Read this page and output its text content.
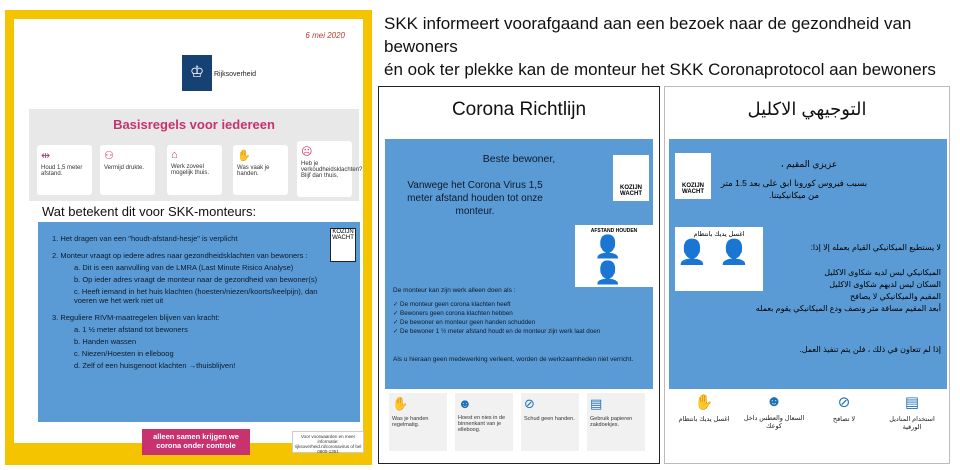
SKK informeert voorafgaand aan een bezoek naar de gezondheid van bewoners
én ook ter plekke kan de monteur het SKK Coronaprotocol aan bewoners
6 mei 2020
♔	Rijksoverheid
Basisregels voor iedereen
⇹
Houd 1,5 meter afstand.
⚇
Vermijd drukte.
⌂
Werk zoveel mogelijk thuis.
✋
Was vaak je handen.
☹
Heb je verkoudheidsklachten? Blijf dan thuis.
Wat betekent dit voor SKK-monteurs:
KOZIJN WACHT
1. Het dragen van een "houdt-afstand-hesje" is verplicht
2. Monteur vraagt op iedere adres naar gezondheidsklachten van bewoners :
a. Dit is een aanvulling van de LMRA (Last Minute Risico Analyse)
b. Op ieder adres vraagt de monteur naar de gezondheid van bewoner(s)
c. Heeft iemand in het huis klachten (hoesten/niezen/koorts/keelpijn), dan voeren we het werk niet uit
3. Reguliere RIVM-maatregelen blijven van kracht:
a. 1 ½ meter afstand tot bewoners
b. Handen wassen
c. Niezen/Hoesten in elleboog
d. Zelf of een huisgenoot klachten →thuisblijven!
alleen samen krijgen we
corona onder controle
Voor voorwaarden en meer informatie: rijksoverheid.nl/coronavirus of bel 0800-1351
Corona Richtlijn
Beste bewoner,
Vanwege het Corona Virus 1,5 meter afstand houden tot onze monteur.
KOZIJN WACHT
AFSTAND HOUDEN
👤👤
De monteur kan zijn werk alleen doen als :
✓ De monteur geen corona klachten heeft
✓ Bewoners geen corona klachten hebben
✓ De bewoner en monteur geen handen schudden
✓ De bewoner 1 ½ meter afstand houdt en de monteur zijn werk laat doen
Als u hieraan geen medewerking verleent, worden de werkzaamheden niet verricht.
✋
Was je handen regelmatig.
☻
Hoest en nies in de binnenkant van je elleboog.
⊘
Schud geen handen.
▤
Gebruik papieren zakdoekjes.
التوجيهي الاكليل
KOZIJN WACHT
عزيزي المقيم ،
بسبب فيروس كورونا ابق على بعد 1.5 متر من ميكانيكيتنا.
اغسل يديك بانتظام
👤👤	لا يستطيع الميكانيكي القيام بعمله إلا إذا:
الميكانيكي ليس لديه شكاوى الاكليل
السكان ليس لديهم شكاوى الاكليل
المقيم والميكانيكي لا يصافح
أبعد المقيم مسافة متر ونصف ودع الميكانيكي يقوم بعمله
إذا لم تتعاون في ذلك ، فلن يتم تنفيذ العمل.
✋
اغسل يديك بانتظام
☻
السعال والعطس داخل كوعك
⊘
لا تصافح
▤
استخدام المناديل الورقية
